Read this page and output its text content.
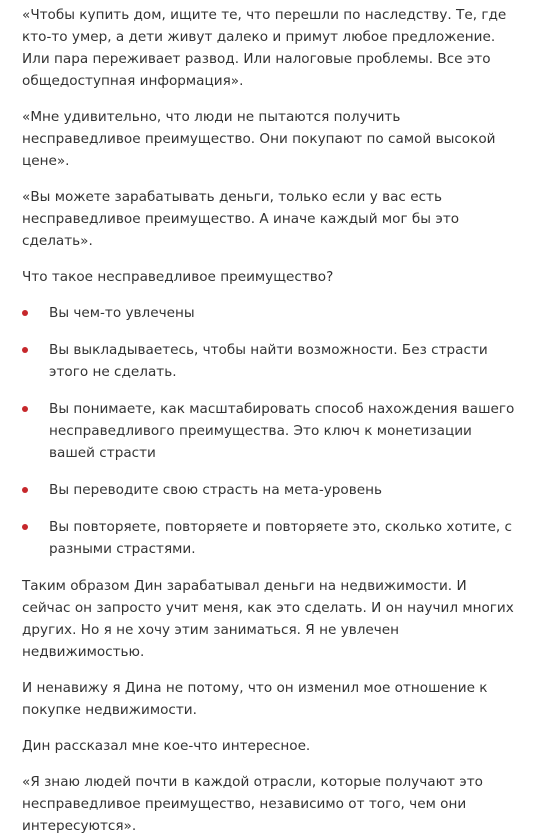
«Чтобы купить дом, ищите те, что перешли по наследству. Те, где кто-то умер, а дети живут далеко и примут любое предложение. Или пара переживает развод. Или налоговые проблемы. Все это общедоступная информация».

«Мне удивительно, что люди не пытаются получить несправедливое преимущество. Они покупают по самой высокой цене».

«Вы можете зарабатывать деньги, только если у вас есть несправедливое преимущество. А иначе каждый мог бы это сделать».

Что такое несправедливое преимущество?

Вы чем-то увлечены
Вы выкладываетесь, чтобы найти возможности. Без страсти этого не сделать.
Вы понимаете, как масштабировать способ нахождения вашего несправедливого преимущества. Это ключ к монетизации вашей страсти
Вы переводите свою страсть на мета-уровень
Вы повторяете, повторяете и повторяете это, сколько хотите, с разными страстями.

Таким образом Дин зарабатывал деньги на недвижимости. И сейчас он запросто учит меня, как это сделать. И он научил многих других. Но я не хочу этим заниматься. Я не увлечен недвижимостью.

И ненавижу я Дина не потому, что он изменил мое отношение к покупке недвижимости.

Дин рассказал мне кое-что интересное.

«Я знаю людей почти в каждой отрасли, которые получают это несправедливое преимущество, независимо от того, чем они интересуются».
